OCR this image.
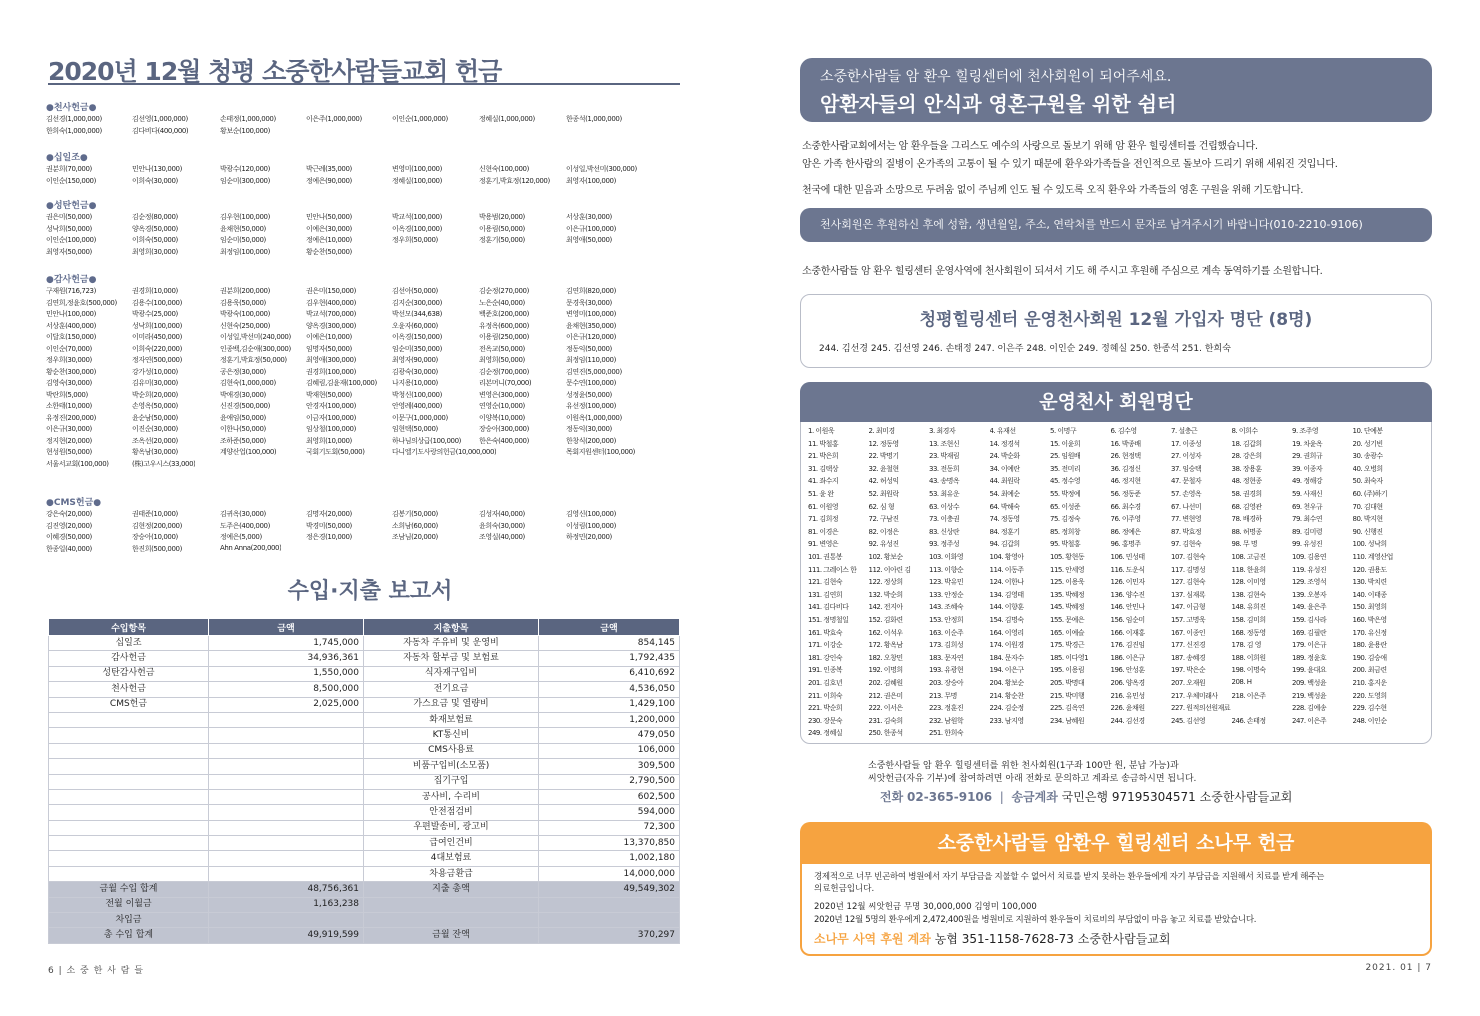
2020년 12월 청평 소중한사람들교회 헌금
●천사헌금●
김선경(1,000,000)	김선영(1,000,000)	손태정(1,000,000)	이은주(1,000,000)	이인순(1,000,000)	정혜실(1,000,000)	한종석(1,000,000)
한희숙(1,000,000)	김다비다(400,000)	황보순(100,000)
●십일조●
권분희(70,000)	민안나(130,000)	박광수(120,000)	박근례(35,000)	변영미(100,000)	신현숙(100,000)	이성일,박선미(300,000)
이인순(150,000)	이희숙(30,000)	임순미(300,000)	정예은(90,000)	정혜실(100,000)	정훈기,박효정(120,000) 최영자(100,000)
●성탄헌금●
권은미(50,000)	김순정(80,000)	김우현(100,000)	민안나(50,000)	박교석(100,000)	박용범(20,000)	서상훈(30,000)
성낙희(50,000)	양옥경(50,000)	윤채현(50,000)	이예은(30,000)	이옥경(100,000)	이용림(50,000)	이은규(100,000)
이인순(100,000)	이희숙(50,000)	임순미(50,000)	정예은(10,000)	정우희(50,000)	정훈기(50,000)	최영애(50,000)
최영자(50,000)	최영희(30,000)	최정임(100,000)	황순찬(50,000)
●감사헌금●
구재원(716,723)	권경희(10,000)	권분희(200,000)	권은미(150,000)	김선아(50,000)	김순정(270,000)	김연희(820,000)
김연희,정윤호(500,000) 김용수(100,000)	김용욱(50,000)	김우현(400,000)	김지순(300,000)	노은순(40,000)	문경욱(30,000)
민안나(100,000)	박광수(25,000)	박광숙(100,000)	박교석(700,000)	박선모(344,638)	백준호(200,000)	변영미(100,000)
서상훈(400,000)	성낙희(100,000)	신현숙(250,000)	양옥경(300,000)	오윤자(60,000)	유정옥(600,000)	윤채현(350,000)
이달호(150,000)	이미라(450,000)	이성일,박선미(240,000) 이예은(10,000)	이옥경(150,000)	이용림(250,000)	이은규(120,000)
이인순(70,000)	이희숙(220,000)	인종백,김순애(300,000) 임명자(50,000)	임순미(350,000)	전옥교(50,000)	정동익(50,000)
정우희(30,000)	정자연(500,000)	정훈기,박효정(50,000)	최영애(300,000)	최영자(90,000)	최영희(50,000)	최정임(110,000)
황순찬(300,000)	강가성(10,000)	공은정(30,000)	권경희(100,000)	김광숙(30,000)	김순정(700,000)	김연진(5,000,000)
김영숙(30,000)	김유미(30,000)	김현숙(1,000,000)	김혜림,김윤재(100,000) 나지용(10,000)	리본머니(70,000)	문수연(100,000)
박란희(5,000)	박순희(20,000)	박애경(30,000)	박재현(50,000)	박청신(100,000)	변영은(300,000)	성정윤(50,000)
소한태(10,000)	손영옥(50,000)	신진경(500,000)	안경자(100,000)	안영례(400,000)	연영순(10,000)	유선정(100,000)
유정진(200,000)	윤순남(50,000)	윤애임(50,000)	이금자(100,000)	이문구(1,000,000)	이양복(10,000)	이원옥(1,000,000)
이은규(30,000)	이진순(30,000)	이한나(50,000)	임상철(100,000)	임현택(50,000)	장승아(300,000)	정동익(30,000)
정지현(20,000)	조옥선(20,000)	조하준(50,000)	최영희(10,000)	하나님의상급(100,000)	한은숙(400,000)	한창식(200,000)
현성원(50,000)	황옥남(30,000)	계양산업(100,000)	국회기도회(50,000)	다니엘기도사랑의헌금(10,000,000)	목회지원센터(100,000)
서울서교회(100,000)	(株)고우시스(33,000)
●CMS헌금●
강은숙(20,000)	권태준(10,000)	김귀옥(30,000)	김명자(20,000)	김봉기(50,000)	김성자(40,000)	김영신(100,000)
김진영(20,000)	김현정(200,000)	도주은(400,000)	박경미(50,000)	소희남(60,000)	윤희숙(30,000)	이성림(100,000)
이혜경(50,000)	장승아(10,000)	정예은(5,000)	정은경(10,000)	조남님(20,000)	조영실(40,000)	하정민(20,000)
한종일(40,000)	한진희(500,000)	Ahn Anna(200,000)
수입·지출 보고서
수입항목	금액	지출항목	금액
십일조	1,745,000	자동차 주유비 및 운영비	854,145
감사헌금	34,936,361	자동차 할부금 및 보험료	1,792,435
성탄감사헌금	1,550,000	식자재구입비	6,410,692
천사헌금	8,500,000	전기요금	4,536,050
CMS헌금	2,025,000	가스요금 및 열량비	1,429,100
		화재보험료	1,200,000
		KT통신비	479,050
		CMS사용료	106,000
		비품구입비(소모품)	309,500
		집기구입	2,790,500
		공사비, 수리비	602,500
		안전점검비	594,000
		우편발송비, 광고비	72,300
		급여인건비	13,370,850
		4대보험료	1,002,180
		차용금환급	14,000,000
금월 수입 합계	48,756,361	지출 총액	49,549,302
전월 이월금	1,163,238		
차입금			
총 수입 합계	49,919,599	금월 잔액	370,297
6 | 소 중 한 사 람 들
소중한사람들 암 환우 힐링센터에 천사회원이 되어주세요.
암환자들의 안식과 영혼구원을 위한 쉼터
소중한사람교회에서는 암 환우들을 그리스도 예수의 사랑으로 돌보기 위해 암 환우 힐링센터를 건립했습니다.
암은 가족 한사람의 질병이 온가족의 고통이 될 수 있기 때문에 환우와가족들을 전인적으로 돌보아 드리기 위해 세워진 것입니다.
천국에 대한 믿음과 소망으로 두려움 없이 주님께 인도 될 수 있도록 오직 환우와 가족들의 영혼 구원을 위해 기도합니다.
천사회원은 후원하신 후에 성함, 생년월일, 주소, 연락처를 반드시 문자로 남겨주시기 바랍니다(010-2210-9106)
소중한사람들 암 환우 힐링센터 운영사역에 천사회원이 되셔서 기도 해 주시고 후원해 주심으로 계속 동역하기를 소원합니다.
청평힐링센터 운영천사회원 12월 가입자 명단 (8명)
244. 김선경 245. 김선영 246. 손태정 247. 이은주 248. 이인순 249. 정혜실 250. 한종석 251. 한희숙
운영천사 회원명단
1. 이원욱	2. 최미경	3. 최경자	4. 유재선	5. 이명구	6. 김수영	7. 설충근	8. 이희수	9. 조주영	10. 단예봉
11. 박철홍	12. 정동영	13. 조현신	14. 정경석	15. 이윤희	16. 박종배	17. 이종성	18. 김갑희	19. 차윤옥	20. 성기빈
21. 박은희	22. 박명기	23. 박재림	24. 박순화	25. 임원배	26. 현정택	27. 이성자	28. 강은희	29. 권희규	30. 송광수
31. 김택상	32. 윤철현	33. 전동희	34. 이예란	35. 전미리	36. 김정신	37. 임승택	38. 장용훈	39. 이종자	40. 오병희
41. 좌수지	42. 허성익	43. 송명옥	44. 최원락	45. 정수영	46. 정지현	47. 문철자	48. 정현종	49. 정해강	50. 최숙자
51. 윤 완	52. 최원락	53. 최유운	54. 최예순	55. 박정예	56. 정동준	57. 손영옥	58. 권경희	59. 사재신	60. (주)하기
61. 이원영	62. 심 형	63. 이상수	64. 박해숙	65. 이성준	66. 최수경	67. 나선미	68. 김영관	69. 천우규	70. 김대현
71. 김희정	72. 구남진	73. 이충권	74. 정동영	75. 김정숙	76. 이주영	77. 변현영	78. 배경하	79. 최수연	80. 박지현
81. 이경은	82. 이정은	83. 신상란	84. 정훈기	85. 정희창	86. 정예은	87. 박효정	88. 허명종	89. 김미령	90. 신행진
91. 변영은	92. 유성진	93. 정주성	94. 김갑희	95. 박철홍	96. 홍명주	97. 김현숙	98. 무 명	99. 유성진	100. 성낙희
101. 권통봉	102. 황보순	103. 이화영	104. 황영아	105. 황현동	106. 민성태	107. 김현숙	108. 고금진	109. 김용연	110. 계영산업
111. 그레이스 한	112. 이아린 김	113. 이향순	114. 이동주	115. 안세영	116. 도운식	117. 김명성	118. 한윤희	119. 유성진	120. 권용도
121. 김현숙	122. 정상희	123. 박유민	124. 이한나	125. 이용욱	126. 이민자	127. 김현숙	128. 이미영	129. 조영석	130. 박치련
131. 김연희	132. 박순희	133. 안정순	134. 김영태	135. 박혜정	136. 양수진	137. 심재록	138. 김현숙	139. 오봉자	140. 이태종
141. 김다비다	142. 전지아	143. 조혜숙	144. 이향훈	145. 박혜정	146. 안민나	147. 이금형	148. 유희진	149. 윤은주	150. 최영희
151. 정명철일	152. 김화련	153. 안정희	154. 김명숙	155. 문예은	156. 임순미	157. 고명욱	158. 김미희	159. 김사라	160. 박은영
161. 박효숙	162. 이석우	163. 이순주	164. 이영리	165. 이예슬	166. 이재홍	167. 이종인	168. 정동영	169. 김필란	170. 유신정
171. 이강순	172. 황옥남	173. 김희성	174. 이원경	175. 박경근	176. 김진임	177. 신진경	178. 김 영	179. 이은규	180. 윤용란
181. 강인숙	182. 오창민	183. 문자연	184. 문자수	185. 이다영1	186. 이은규	187. 송혜경	188. 이희원	189. 정윤호	190. 김승애
191. 인종복	192. 이명희	193. 유광현	194. 이은구	195. 이용림	196. 안성훈	197. 박은순	198. 이명숙	199. 윤대요	200. 최금련
201. 김호년	202. 김혜원	203. 장승아	204. 황보순	205. 박명대	206. 양옥경	207. 오재원	208. H	209. 백성윤	210. 홍지운
211. 이희숙	212. 권은미	213. 무명	214. 황순찬	215. 박미행	216. 유민성	217. 우체미래사	218. 이은주	219. 백성윤	220. 도영희
221. 박순희	222. 이서은	223. 정훈진	224. 김순정	225. 김옥연	226. 윤채원	227. 원적의선원재료	228. 김예송	229. 김수현
230. 장문숙	231. 김숙희	232. 남원학	233. 남지영	234. 남혜원	244. 김선경	245. 김선영	246. 손태정	247. 이은주	248. 이인순
249. 정혜실	250. 한종석	251. 한희숙
소중한사람들 암 환우 힐링센터를 위한 천사회원(1구좌 100만 원, 분납 가능)과
씨앗헌금(자유 기부)에 참여하려면 아래 전화로 문의하고 계좌로 송금하시면 됩니다.
전화 02-365-9106  |  송금계좌 국민은행 97195304571 소중한사람들교회
소중한사람들 암환우 힐링센터 소나무 헌금
경제적으로 너무 빈곤하여 병원에서 자기 부담금을 지불할 수 없어서 치료를 받지 못하는 환우들에게 자기 부담금을 지원해서 치료를 받게 해주는
의료헌금입니다.
2020년 12월 씨앗헌금 무명 30,000,000 김영미 100,000
2020년 12월 5명의 환우에게 2,472,400원을 병원비로 지원하여 환우들이 치료비의 부담없이 마음 놓고 치료를 받았습니다.
소나무 사역 후원 계좌 농협 351-1158-7628-73 소중한사람들교회
2021. 01 | 7
